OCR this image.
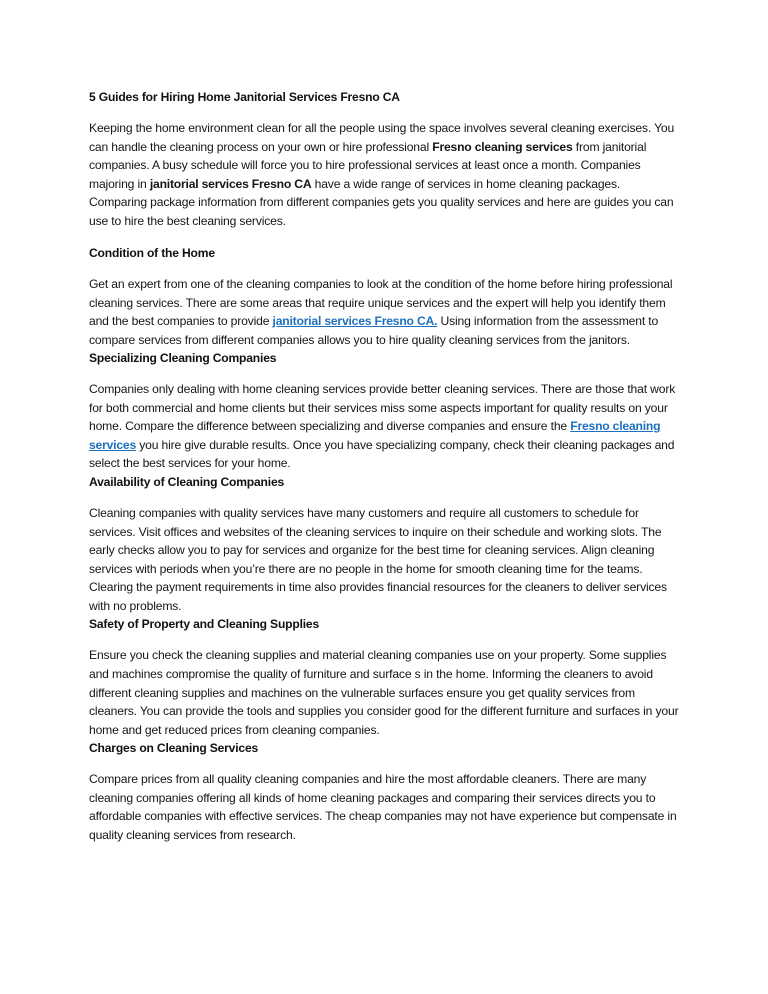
5 Guides for Hiring Home Janitorial Services Fresno CA

Keeping the home environment clean for all the people using the space involves several cleaning exercises. You can handle the cleaning process on your own or hire professional Fresno cleaning services from janitorial companies. A busy schedule will force you to hire professional services at least once a month. Companies majoring in janitorial services Fresno CA have a wide range of services in home cleaning packages. Comparing package information from different companies gets you quality services and here are guides you can use to hire the best cleaning services.

Condition of the Home

Get an expert from one of the cleaning companies to look at the condition of the home before hiring professional cleaning services. There are some areas that require unique services and the expert will help you identify them and the best companies to provide janitorial services Fresno CA. Using information from the assessment to compare services from different companies allows you to hire quality cleaning services from the janitors.

Specializing Cleaning Companies

Companies only dealing with home cleaning services provide better cleaning services. There are those that work for both commercial and home clients but their services miss some aspects important for quality results on your home. Compare the difference between specializing and diverse companies and ensure the Fresno cleaning services you hire give durable results. Once you have specializing company, check their cleaning packages and select the best services for your home.

Availability of Cleaning Companies

Cleaning companies with quality services have many customers and require all customers to schedule for services. Visit offices and websites of the cleaning services to inquire on their schedule and working slots. The early checks allow you to pay for services and organize for the best time for cleaning services. Align cleaning services with periods when you’re there are no people in the home for smooth cleaning time for the teams. Clearing the payment requirements in time also provides financial resources for the cleaners to deliver services with no problems.

Safety of Property and Cleaning Supplies

Ensure you check the cleaning supplies and material cleaning companies use on your property. Some supplies and machines compromise the quality of furniture and surface s in the home. Informing the cleaners to avoid different cleaning supplies and machines on the vulnerable surfaces ensure you get quality services from cleaners. You can provide the tools and supplies you consider good for the different furniture and surfaces in your home and get reduced prices from cleaning companies.

Charges on Cleaning Services

Compare prices from all quality cleaning companies and hire the most affordable cleaners. There are many cleaning companies offering all kinds of home cleaning packages and comparing their services directs you to affordable companies with effective services. The cheap companies may not have experience but compensate in quality cleaning services from research.
